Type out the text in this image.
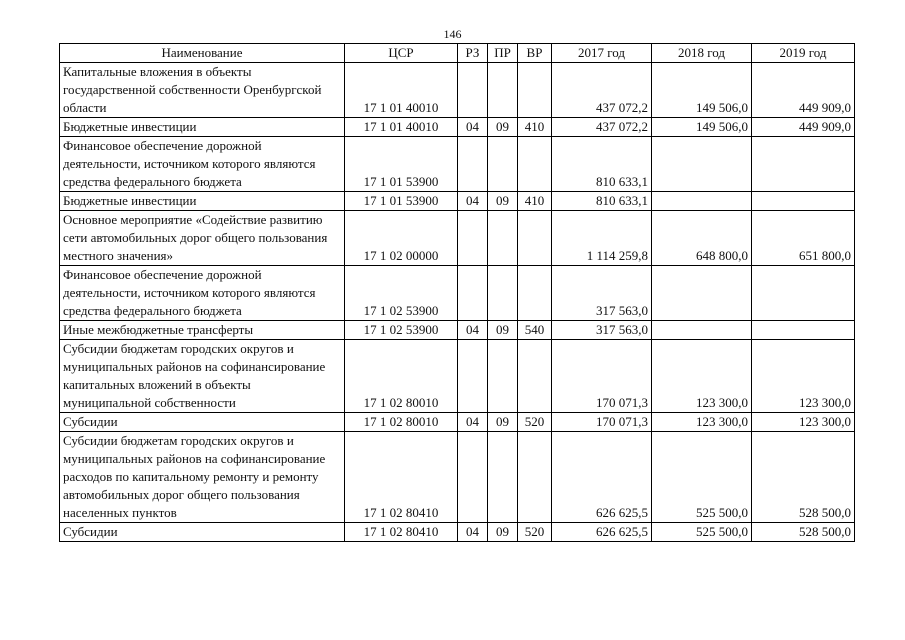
146
Наименование	ЦСР	РЗ	ПР	ВР	2017 год	2018 год	2019 год
Капитальные вложения в объекты государственной собственности Оренбургской области	17 1 01 40010				437 072,2	149 506,0	449 909,0
Бюджетные инвестиции	17 1 01 40010	04	09	410	437 072,2	149 506,0	449 909,0
Финансовое обеспечение дорожной деятельности, источником которого являются средства федерального бюджета	17 1 01 53900				810 633,1		
Бюджетные инвестиции	17 1 01 53900	04	09	410	810 633,1		
Основное мероприятие «Содействие развитию сети автомобильных дорог общего пользования местного значения»	17 1 02 00000				1 114 259,8	648 800,0	651 800,0
Финансовое обеспечение дорожной деятельности, источником которого являются средства федерального бюджета	17 1 02 53900				317 563,0		
Иные межбюджетные трансферты	17 1 02 53900	04	09	540	317 563,0		
Субсидии бюджетам городских округов и муниципальных районов на софинансирование капитальных вложений в объекты муниципальной собственности	17 1 02 80010				170 071,3	123 300,0	123 300,0
Субсидии	17 1 02 80010	04	09	520	170 071,3	123 300,0	123 300,0
Субсидии бюджетам городских округов и муниципальных районов на софинансирование расходов по капитальному ремонту и ремонту автомобильных дорог общего пользования населенных пунктов	17 1 02 80410				626 625,5	525 500,0	528 500,0
Субсидии	17 1 02 80410	04	09	520	626 625,5	525 500,0	528 500,0
